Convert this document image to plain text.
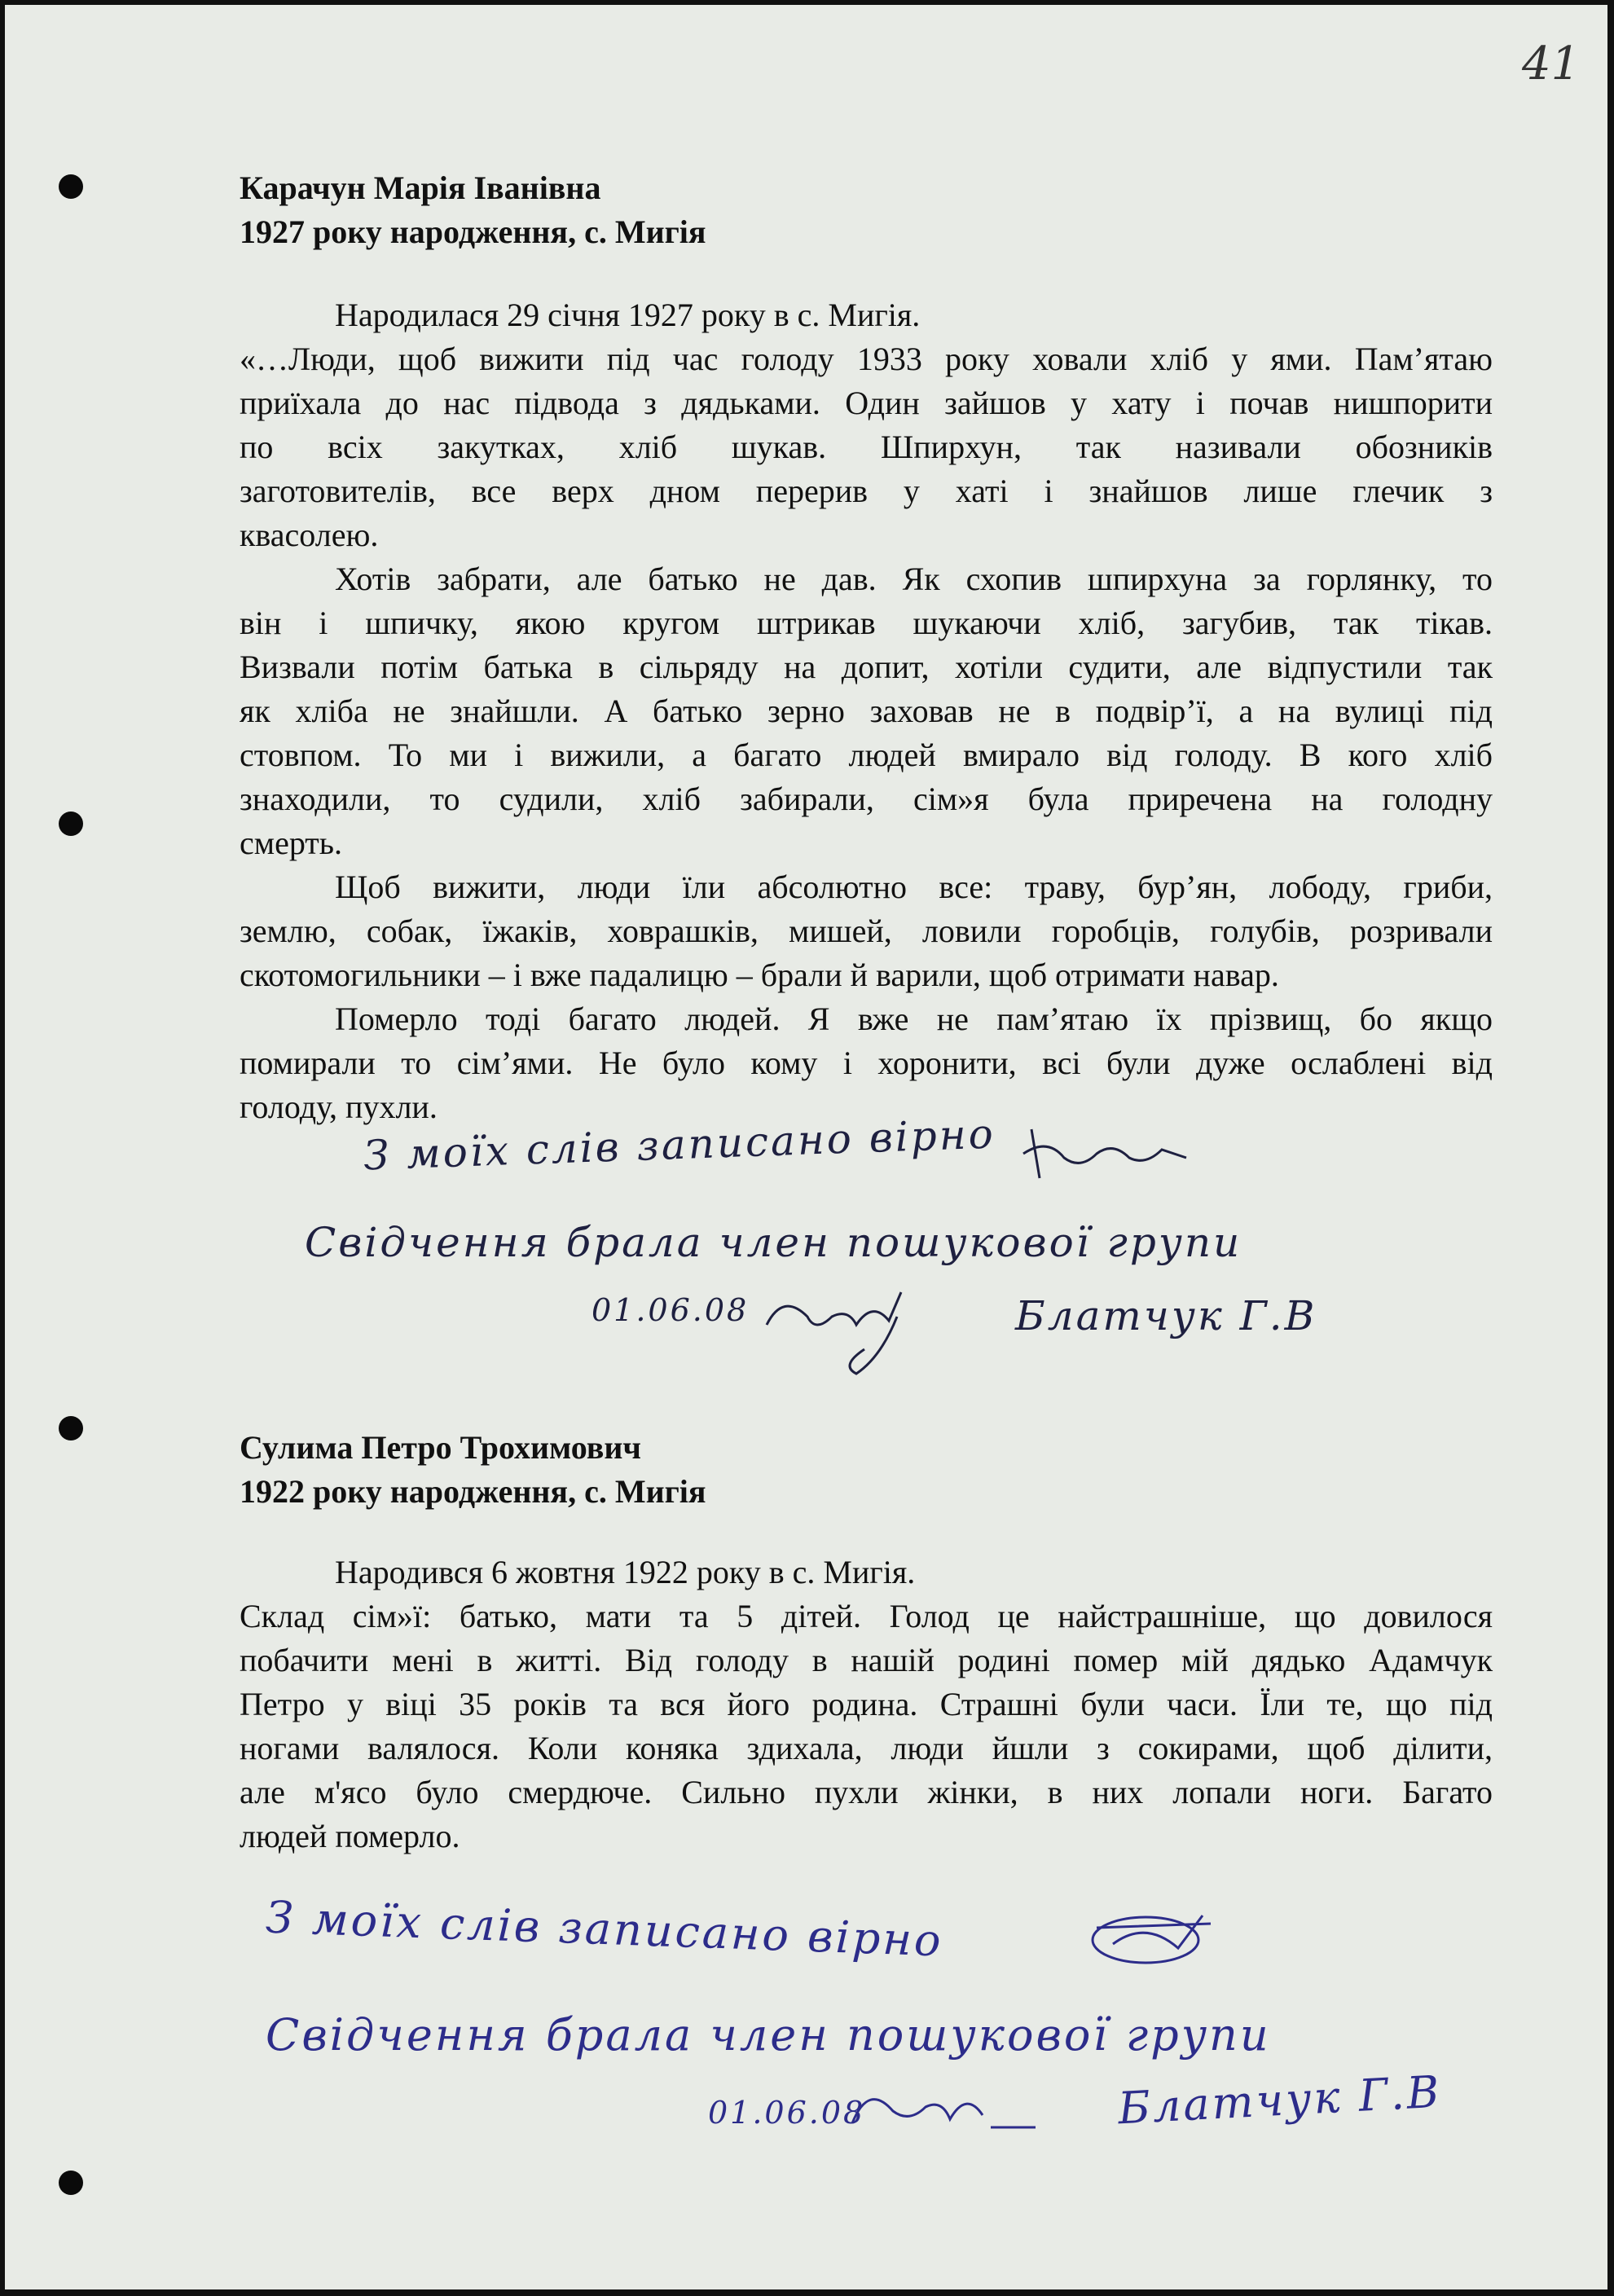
41
Карачун Марія Іванівна
1927 року народження, с. Мигія
Народилася 29 січня 1927 року в с. Мигія.
«…Люди, щоб вижити під час голоду 1933 року ховали хліб у ями. Пам’ятаю
приїхала до нас підвода з дядьками. Один зайшов у хату і почав нишпорити
по всіх закутках, хліб шукав. Шпирхун, так називали обозників
заготовителів, все верх дном перерив у хаті і знайшов лише глечик з
квасолею.
Хотів забрати, але батько не дав. Як схопив шпирхуна за горлянку, то
він і шпичку, якою кругом штрикав шукаючи хліб, загубив, так тікав.
Визвали потім батька в сільряду на допит, хотіли судити, але відпустили так
як хліба не знайшли. А батько зерно заховав не в подвір’ї, а на вулиці під
стовпом. То ми і вижили, а багато людей вмирало від голоду. В кого хліб
знаходили, то судили, хліб забирали, сім»я була приречена на голодну
смерть.
Щоб вижити, люди їли абсолютно все: траву, бур’ян, лободу, гриби,
землю, собак, їжаків, ховрашків, мишей, ловили горобців, голубів, розривали
скотомогильники – і вже падалицю – брали й варили, щоб отримати навар.
Померло тоді багато людей. Я вже не пам’ятаю їх прізвищ, бо якщо
помирали то сім’ями. Не було кому і хоронити, всі були дуже ослаблені від
голоду, пухли.
З моїх слів записано вірно
Свідчення брала член пошукової групи
01.06.08	Блатчук Г.В
Сулима Петро Трохимович
1922 року народження, с. Мигія
Народився 6 жовтня 1922 року в с. Мигія.
Склад сім»ї: батько, мати та 5 дітей. Голод це найстрашніше, що довилося
побачити мені в житті. Від голоду в нашій родині помер мій дядько Адамчук
Петро у віці 35 років та вся його родина. Страшні були часи. Їли те, що під
ногами валялося. Коли коняка здихала, люди йшли з сокирами, щоб ділити,
але м'ясо було смердюче. Сильно пухли жінки, в них лопали ноги. Багато
людей померло.
З моїх слів записано вірно
Свідчення брала член пошукової групи
01.06.08	Блатчук Г.В
